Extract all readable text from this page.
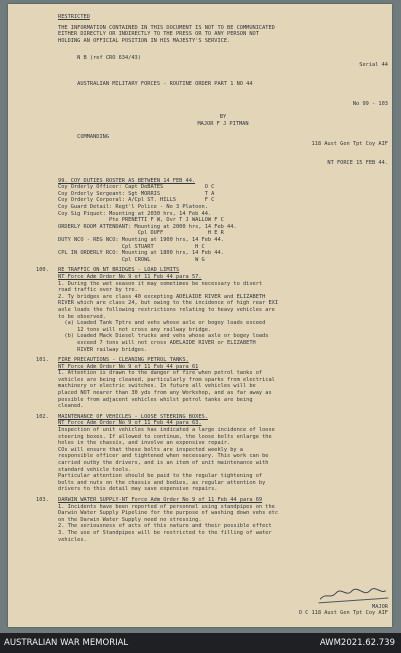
RESTRICTED
THE INFORMATION CONTAINED IN THIS DOCUMENT IS NOT TO BE COMMUNICATED
EITHER DIRECTLY OR INDIRECTLY TO THE PRESS OR TO ANY PERSON NOT
HOLDING AN OFFICIAL POSITION IN HIS MAJESTY'S SERVICE.

N B (ref CRO 634/43)

Serial 44

AUSTRALIAN MILITARY FORCES - ROUTINE ORDER PART 1 NO 44

No 99 - 103

BY
MAJOR F J PITMAN

COMMANDING

118 Aust Gen Tpt Coy AIF

NT FORCE 15 FEB 44.

99. COY DUTIES ROSTER AS BETWEEN 14 FEB 44.
Coy Orderly Officer: Capt DeBATES             O C
Coy Orderly Sergeant: Sgt MORRIS              T A
Coy Orderly Corporal: A/Cpl ST. HILLS         F C
Coy Guard Detail: Regt'l Police - No 3 Platoon.
Coy Sig Piquet: Mounting at 2030 hrs, 14 Feb 44.
Pte PRENETTI F W, Dvr T J WALLOW F C
ORDERLY ROOM ATTENDANT: Mounting at 2000 hrs, 14 Feb 44.
Cpl DUFF              H E R
DUTY NCO - REG NCO: Mounting at 1900 hrs, 14 Feb 44.
Cpl STUART             H C
CPL IN ORDERLY RCO: Mounting at 1800 hrs, 14 Feb 44.
Cpl CROWL              W G
100. RE TRAFFIC ON NT BRIDGES - LOAD LIMITS
NT Force Adm Order No 9 of 11 Feb 44 para 57.
1. During the wet season it may sometimes be necessary to divert
road traffic over by tre.
2. Ty bridges are class 40 excepting ADELAIDE RIVER and ELIZABETH
RIVER which are class 24, but owing to the incidence of high rear EXI
axle loads the following restrictions relating to heavy vehicles are
to be observed.
(a) Loaded Tank Tptrs and vehs whose axle or bogey loads exceed
12 tons will not cross any railway bridge.
(b) Loaded Mack Diesel trucks and vehs whose axle or bogey loads
exceed 7 tons will not cross ADELAIDE RIVER or ELIZABETH
RIVER railway bridges.
101. FIRE PRECAUTIONS - CLEANING PETROL TANKS.
NT Force Adm Order No 9 of 11 Feb 44 para 61
1. Attention is drawn to the danger of fire when petrol tanks of
vehicles are being cleaned, particularly from sparks from electrical
machinery or electric switches. In future all vehicles will be
placed NOT nearer than 30 yds from any Workshop, and as far away as
possible from adjacent vehicles whilst petrol tanks are being
cleaned.
102. MAINTENANCE OF VEHICLES - LOOSE STEERING BOXES.
NT Force Adm Order No 9 of 11 Feb 44 para 63.
Inspection of unit vehicles has indicated a large incidence of loose
steering boxes. If allowed to continue, the loose bolts enlarge the
holes in the chassis, and involve an expensive repair.
COs will ensure that these bolts are inspected weekly by a
responsible officer and tightened when necessary. This work can be
carried outby the drivers, and is an item of unit maintenance with
standard vehicle tools.
Particular attention should be paid to the regular tightening of
bolts and nuts on the chassis and bodies, as regular attention by
drivers to this detail may save expensive repairs.
103. DARWIN WATER SUPPLY-NT Force Adm Order No 9 of 11 Feb 44 para 69
1. Incidents have been reported of personnel using standpipes on the
Darwin Water Supply Pipeline for the purpose of washing down vehs etc
on the Darwin Water Supply need no stressing.
2. The seriousness of acts of this nature and their possible effect
3. The use of Standpipes will be restricted to the filling of water
vehicles.
MAJOR
O C 118 Aust Gen Tpt Coy AIF
AUSTRALIAN WAR MEMORIAL	AWM2021.62.739
